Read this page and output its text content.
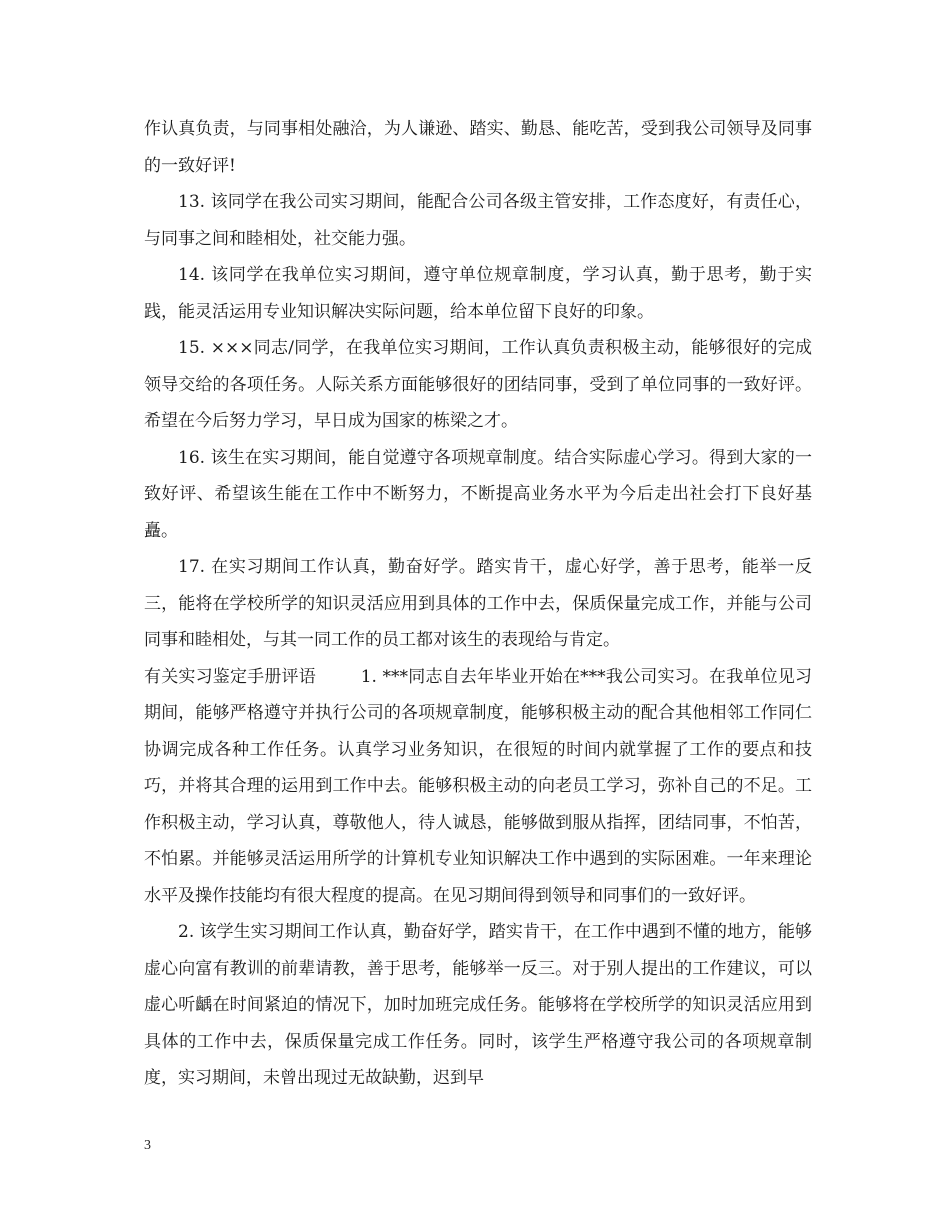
作认真负责，与同事相处融洽，为人谦逊、踏实、勤恳、能吃苦，受到我公司领导及同事的一致好评!

13. 该同学在我公司实习期间，能配合公司各级主管安排，工作态度好，有责任心，与同事之间和睦相处，社交能力强。

14. 该同学在我单位实习期间，遵守单位规章制度，学习认真，勤于思考，勤于实践，能灵活运用专业知识解决实际问题，给本单位留下良好的印象。

15. ×××同志/同学，在我单位实习期间，工作认真负责积极主动，能够很好的完成领导交给的各项任务。人际关系方面能够很好的团结同事，受到了单位同事的一致好评。希望在今后努力学习，早日成为国家的栋梁之才。

16. 该生在实习期间，能自觉遵守各项规章制度。结合实际虚心学习。得到大家的一致好评、希望该生能在工作中不断努力，不断提高业务水平为今后走出社会打下良好基矗。

17. 在实习期间工作认真，勤奋好学。踏实肯干，虚心好学，善于思考，能举一反三，能将在学校所学的知识灵活应用到具体的工作中去，保质保量完成工作，并能与公司同事和睦相处，与其一同工作的员工都对该生的表现给与肯定。

有关实习鉴定手册评语	1. ***同志自去年毕业开始在***我公司实习。在我单位见习期间，能够严格遵守并执行公司的各项规章制度，能够积极主动的配合其他相邻工作同仁协调完成各种工作任务。认真学习业务知识，在很短的时间内就掌握了工作的要点和技巧，并将其合理的运用到工作中去。能够积极主动的向老员工学习，弥补自己的不足。工作积极主动，学习认真，尊敬他人，待人诚恳，能够做到服从指挥，团结同事，不怕苦，不怕累。并能够灵活运用所学的计算机专业知识解决工作中遇到的实际困难。一年来理论水平及操作技能均有很大程度的提高。在见习期间得到领导和同事们的一致好评。

2. 该学生实习期间工作认真，勤奋好学，踏实肯干，在工作中遇到不懂的地方，能够虚心向富有教训的前辈请教，善于思考，能够举一反三。对于别人提出的工作建议，可以虚心听齲在时间紧迫的情况下，加时加班完成任务。能够将在学校所学的知识灵活应用到具体的工作中去，保质保量完成工作任务。同时，该学生严格遵守我公司的各项规章制度，实习期间，未曾出现过无故缺勤，迟到早

3
